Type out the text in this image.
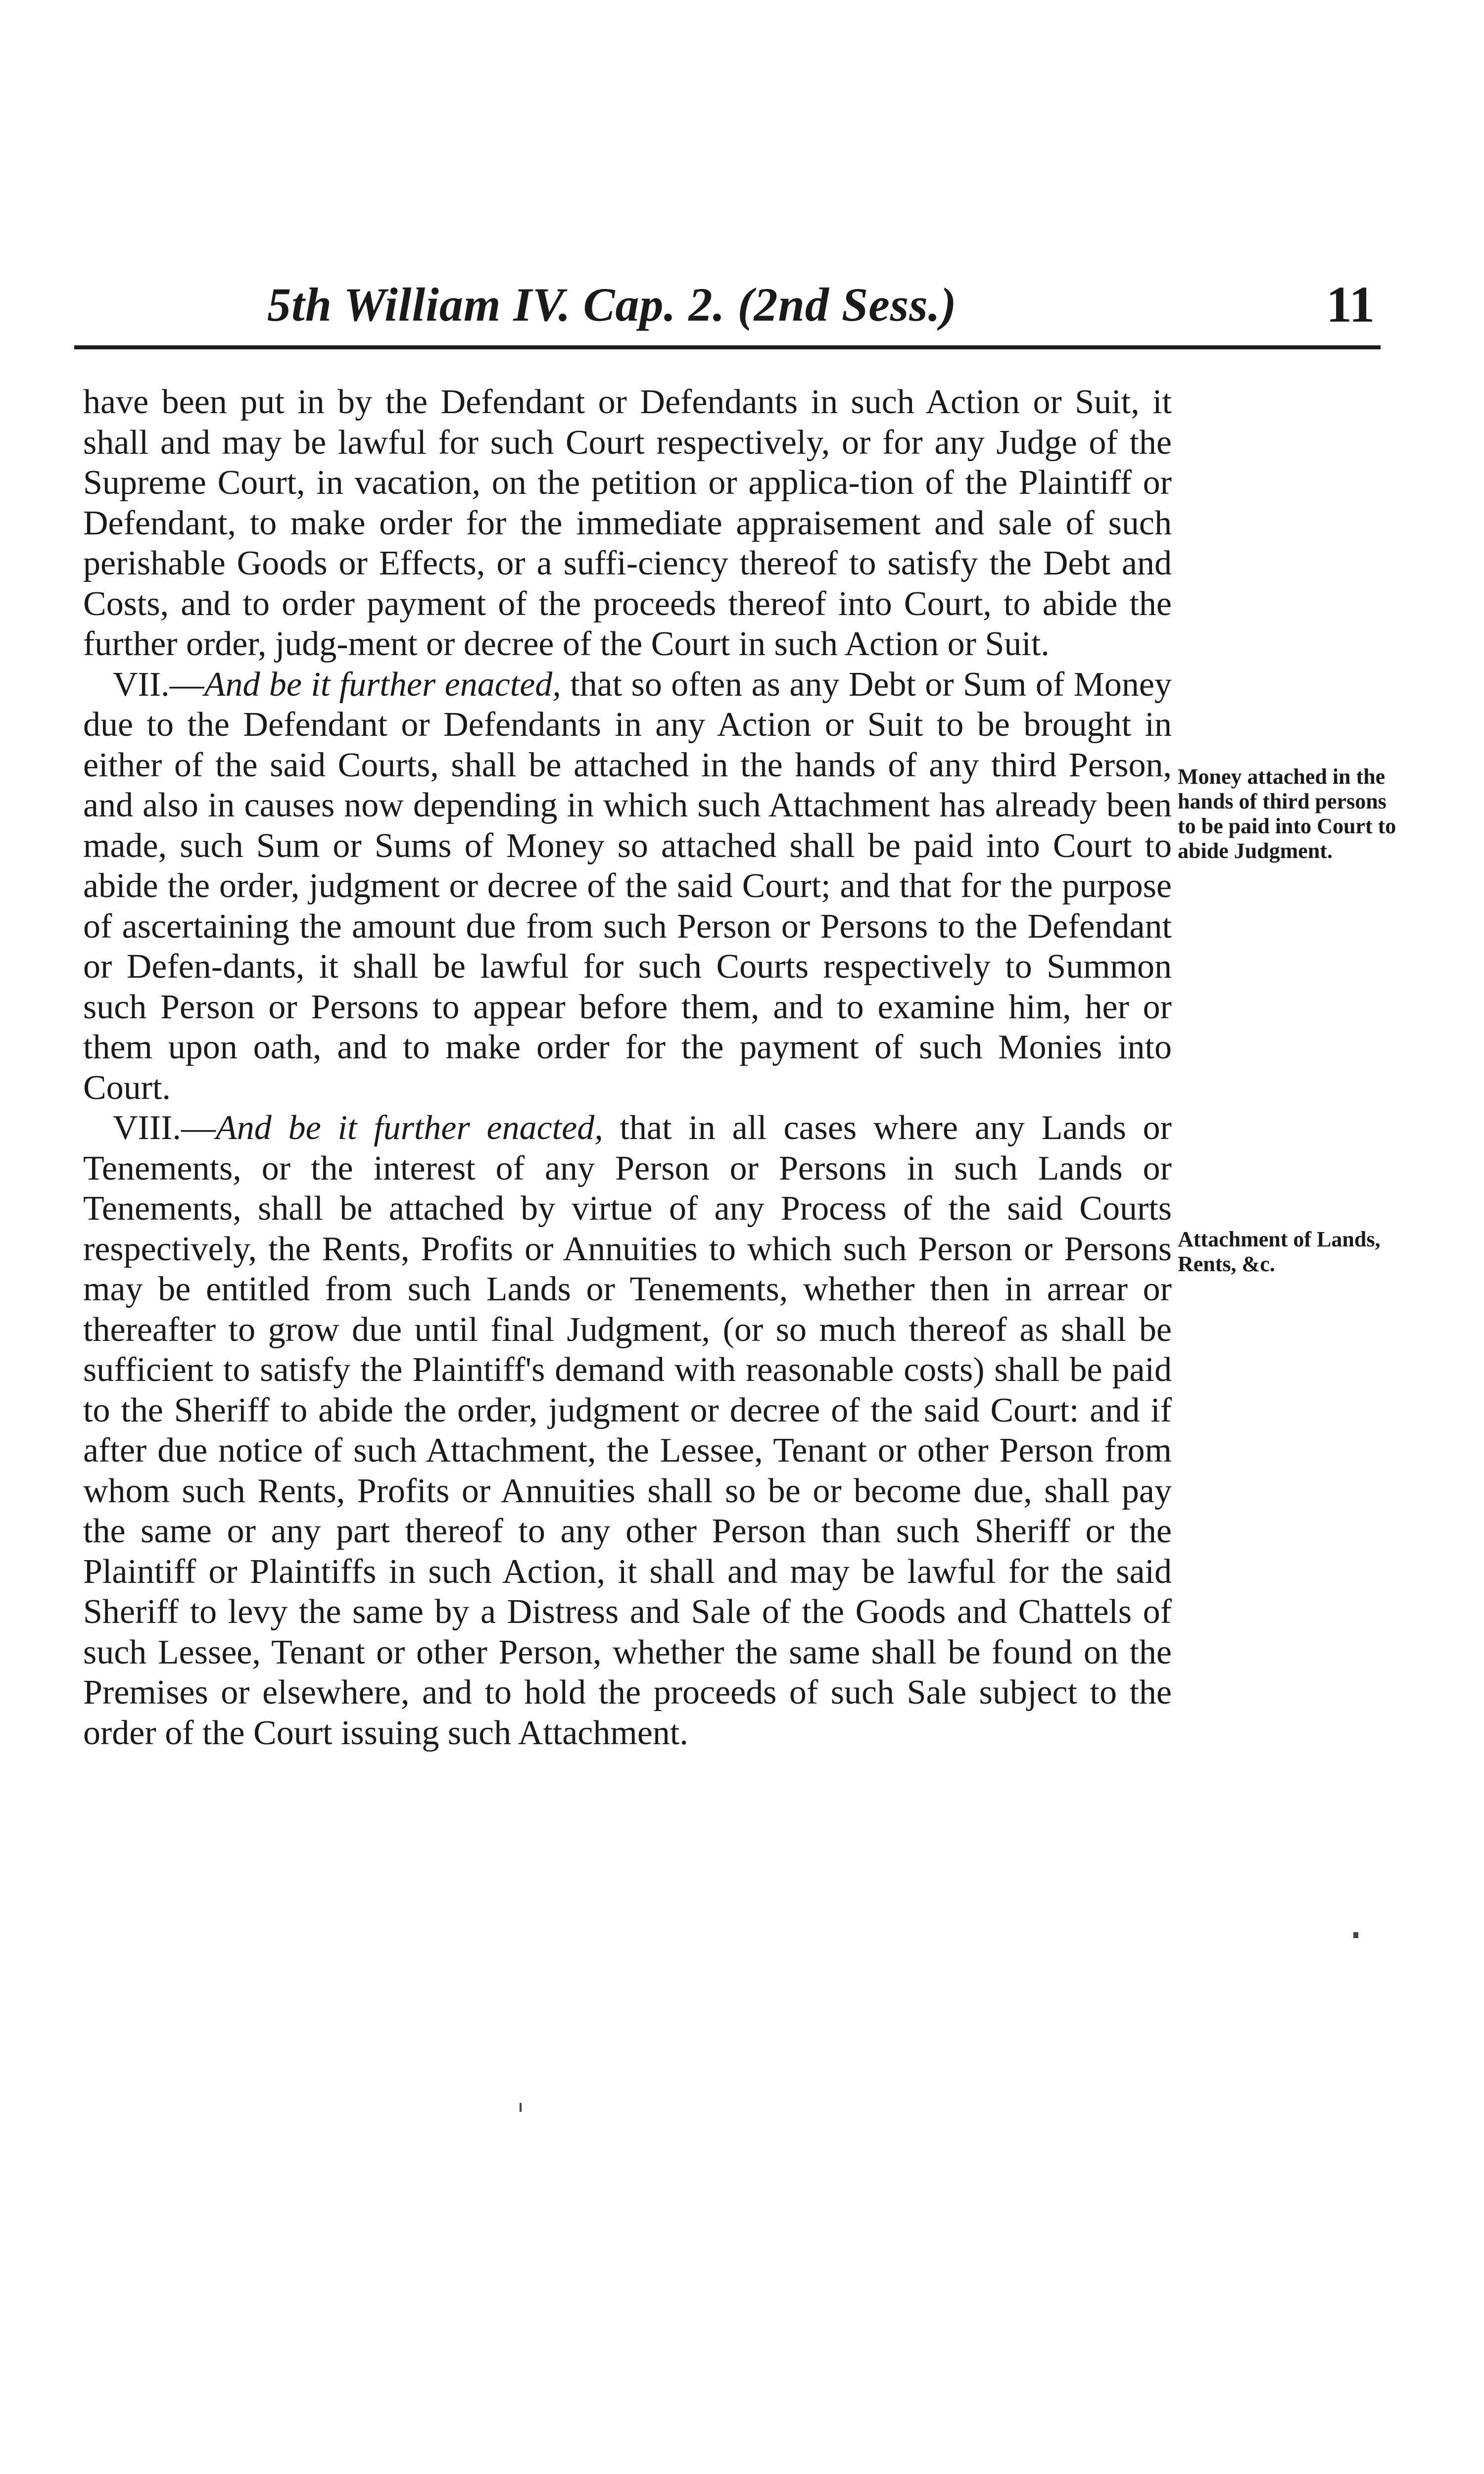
5th William IV. Cap. 2. (2nd Sess.)	11

have been put in by the Defendant or Defendants in such Action or Suit, it shall and may be lawful for such Court respectively, or for any Judge of the Supreme Court, in vacation, on the petition or applica-tion of the Plaintiff or Defendant, to make order for the immediate appraisement and sale of such perishable Goods or Effects, or a suffi-ciency thereof to satisfy the Debt and Costs, and to order payment of the proceeds thereof into Court, to abide the further order, judg-ment or decree of the Court in such Action or Suit.

VII.—And be it further enacted, that so often as any Debt or Sum of Money due to the Defendant or Defendants in any Action or Suit to be brought in either of the said Courts, shall be attached in the hands of any third Person, and also in causes now depending in which such Attachment has already been made, such Sum or Sums of Money so attached shall be paid into Court to abide the order, judgment or decree of the said Court; and that for the purpose of ascertaining the amount due from such Person or Persons to the Defendant or Defen-dants, it shall be lawful for such Courts respectively to Summon such Person or Persons to appear before them, and to examine him, her or them upon oath, and to make order for the payment of such Monies into Court.

VIII.—And be it further enacted, that in all cases where any Lands or Tenements, or the interest of any Person or Persons in such Lands or Tenements, shall be attached by virtue of any Process of the said Courts respectively, the Rents, Profits or Annuities to which such Person or Persons may be entitled from such Lands or Tenements, whether then in arrear or thereafter to grow due until final Judgment, (or so much thereof as shall be sufficient to satisfy the Plaintiff's demand with reasonable costs) shall be paid to the Sheriff to abide the order, judgment or decree of the said Court: and if after due notice of such Attachment, the Lessee, Tenant or other Person from whom such Rents, Profits or Annuities shall so be or become due, shall pay the same or any part thereof to any other Person than such Sheriff or the Plaintiff or Plaintiffs in such Action, it shall and may be lawful for the said Sheriff to levy the same by a Distress and Sale of the Goods and Chattels of such Lessee, Tenant or other Person, whether the same shall be found on the Premises or elsewhere, and to hold the proceeds of such Sale subject to the order of the Court issuing such Attachment.

Money attached in the hands of third persons to be paid into Court to abide Judgment.
Attachment of Lands, Rents, &c.
